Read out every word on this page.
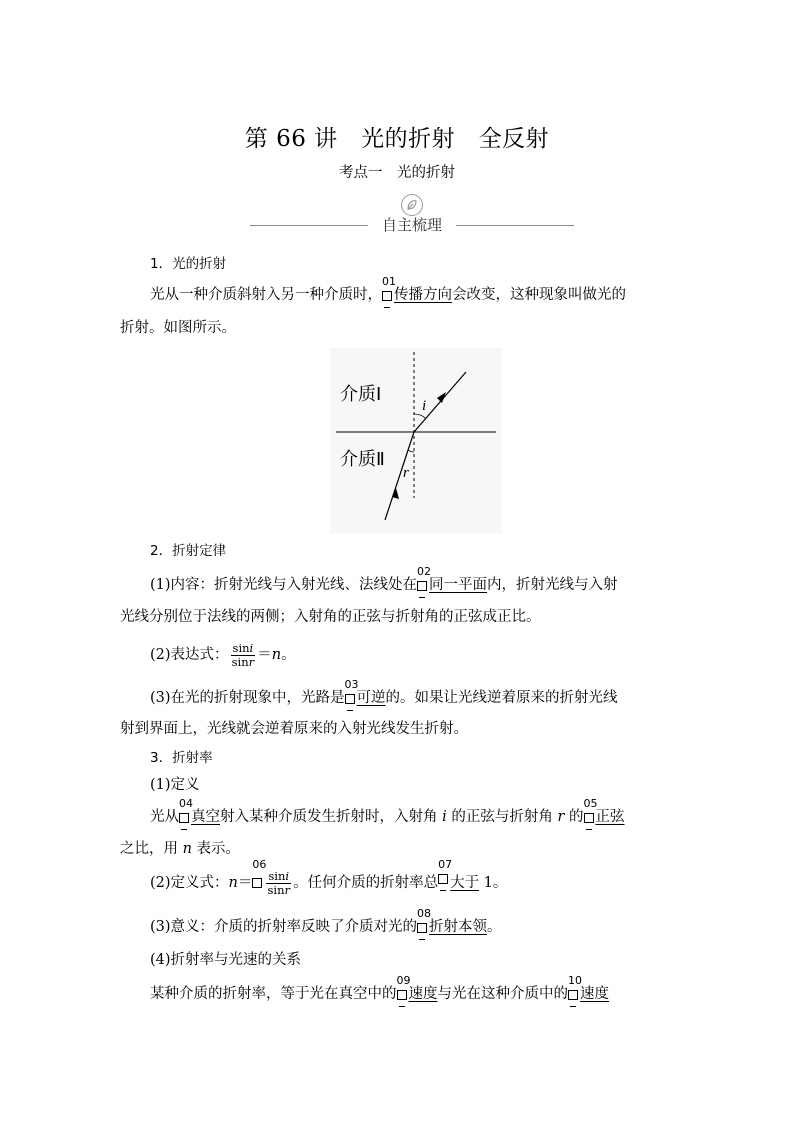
第 66 讲　光的折射　全反射
考点一　光的折射
自主梳理
1．光的折射
光从一种介质斜射入另一种介质时，
01
传播方向会改变，这种现象叫做光的
折射。如图所示。
介质Ⅰ
介质Ⅱ
i
r
2．折射定律
(1)内容：折射光线与入射光线、法线处在
02
同一平面内，折射光线与入射
光线分别位于法线的两侧；入射角的正弦与折射角的正弦成正比。
(2)表达式： $\frac{\sin i}{\sin r} =n$。
(3)在光的折射现象中，光路是
03
可逆的。如果让光线逆着原来的折射光线
射到界面上，光线就会逆着原来的入射光线发生折射。
3．折射率
(1)定义
光从
04
真空射入某种介质发生折射时，入射角 i 的正弦与折射角 r 的
05
正弦
之比，用 n 表示。
(2)定义式：n＝
06
$\frac{\sin i}{\sin r}$ 。任何介质的折射率总
07
大于 1。
(3)意义：介质的折射率反映了介质对光的
08
折射本领。
(4)折射率与光速的关系
某种介质的折射率，等于光在真空中的
09
速度与光在这种介质中的
10
速度
